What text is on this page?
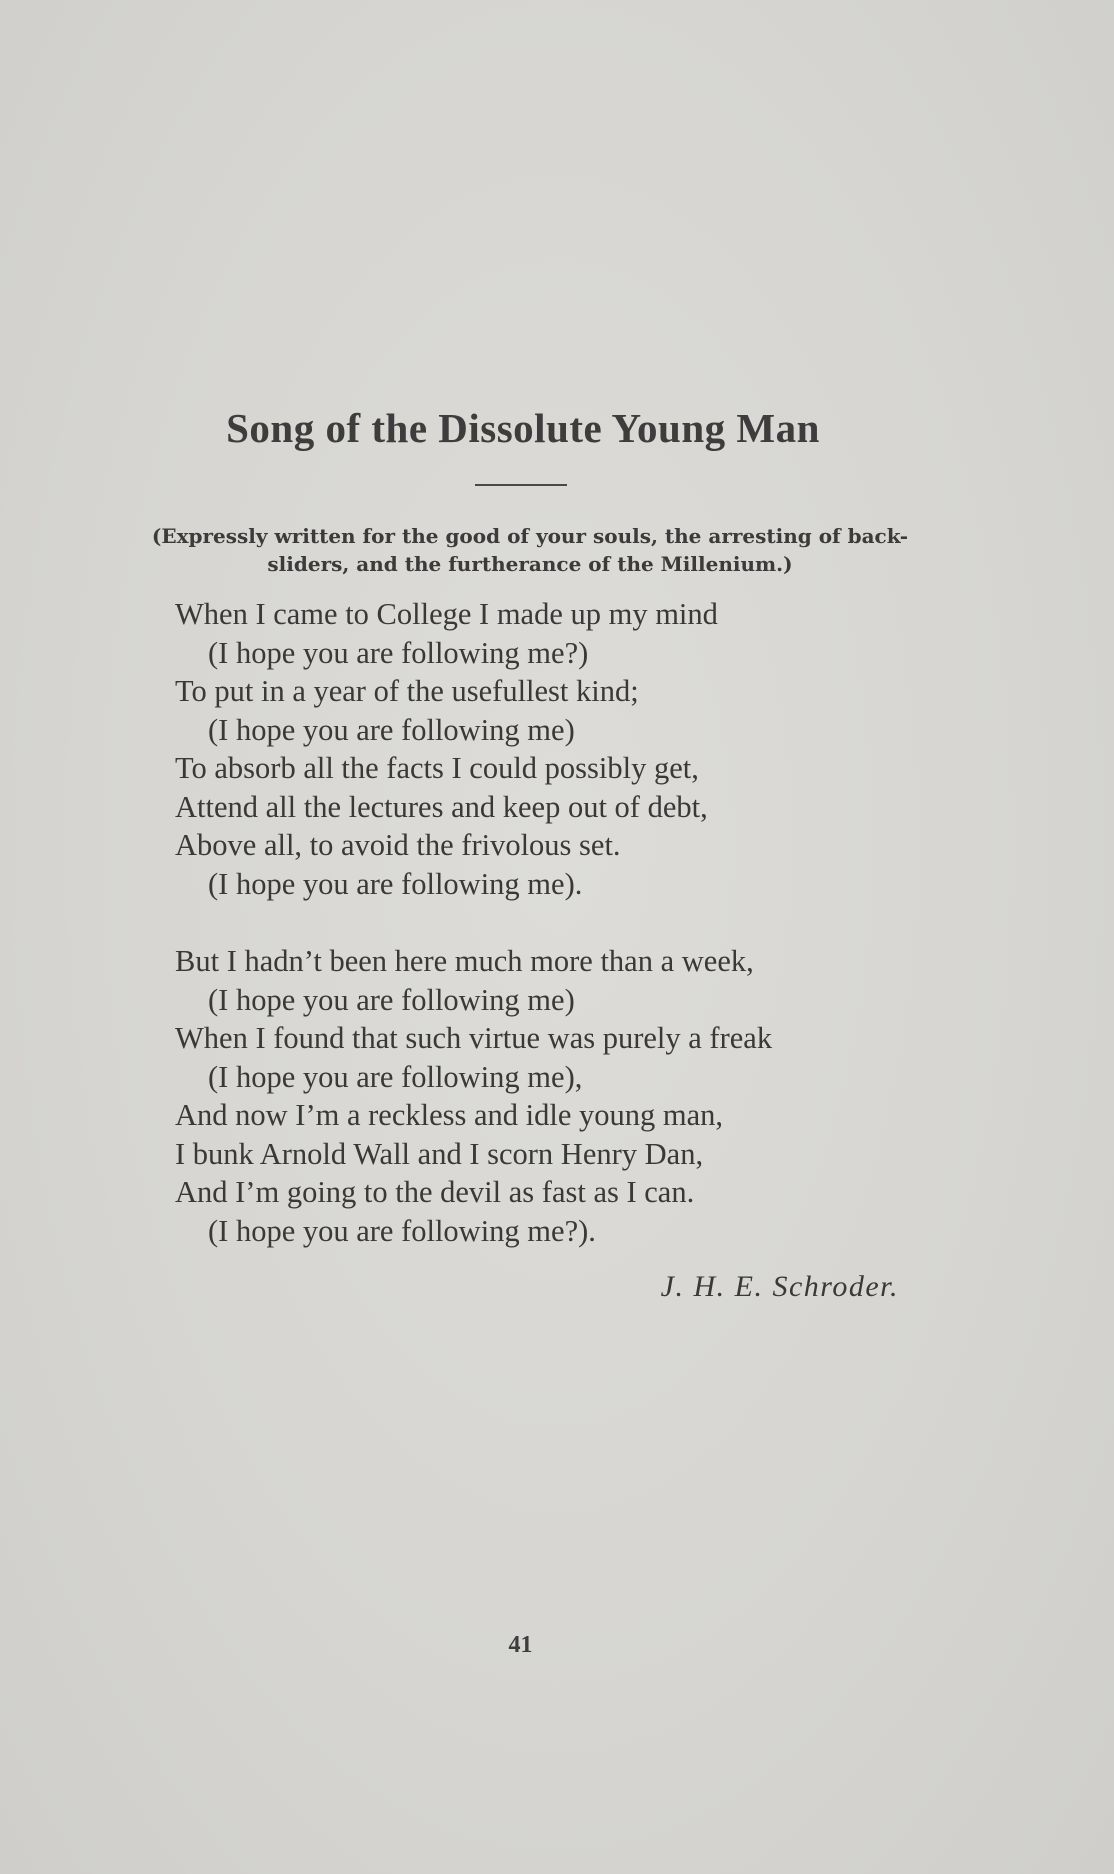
Song of the Dissolute Young Man
(Expressly written for the good of your souls, the arresting of back-
sliders, and the furtherance of the Millenium.)
When I came to College I made up my mind
(I hope you are following me?)
To put in a year of the usefullest kind;
(I hope you are following me)
To absorb all the facts I could possibly get,
Attend all the lectures and keep out of debt,
Above all, to avoid the frivolous set.
(I hope you are following me).
But I hadn’t been here much more than a week,
(I hope you are following me)
When I found that such virtue was purely a freak
(I hope you are following me),
And now I’m a reckless and idle young man,
I bunk Arnold Wall and I scorn Henry Dan,
And I’m going to the devil as fast as I can.
(I hope you are following me?).
J. H. E. Schroder.
41
